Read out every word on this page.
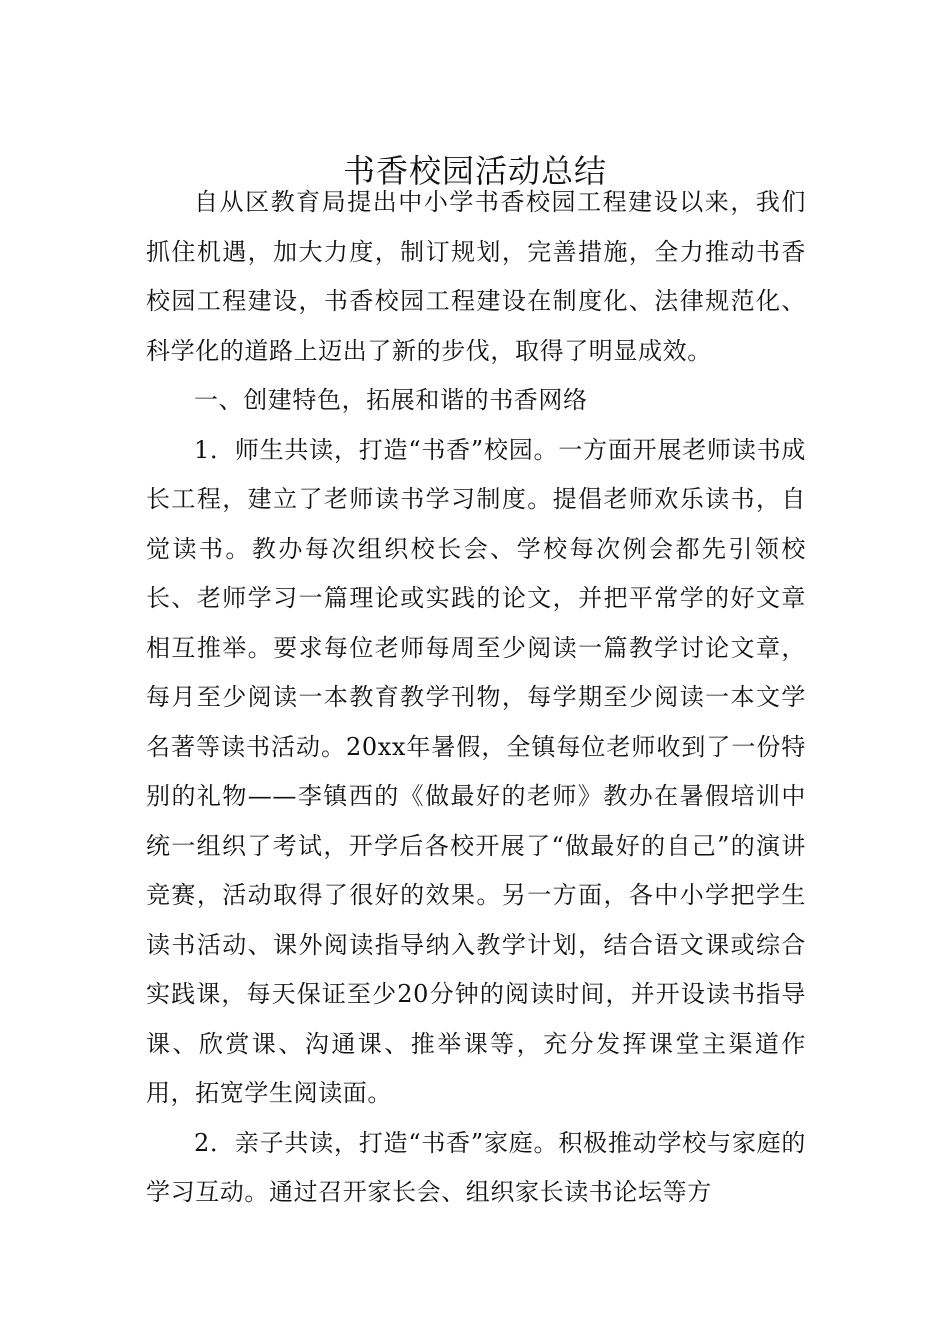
书香校园活动总结

自从区教育局提出中小学书香校园工程建设以来，我们抓住机遇，加大力度，制订规划，完善措施，全力推动书香校园工程建设，书香校园工程建设在制度化、法律规范化、科学化的道路上迈出了新的步伐，取得了明显成效。

一、创建特色，拓展和谐的书香网络

1．师生共读，打造“书香”校园。一方面开展老师读书成长工程，建立了老师读书学习制度。提倡老师欢乐读书，自觉读书。教办每次组织校长会、学校每次例会都先引领校长、老师学习一篇理论或实践的论文，并把平常学的好文章相互推举。要求每位老师每周至少阅读一篇教学讨论文章，每月至少阅读一本教育教学刊物，每学期至少阅读一本文学名著等读书活动。20xx年暑假，全镇每位老师收到了一份特别的礼物——李镇西的《做最好的老师》教办在暑假培训中统一组织了考试，开学后各校开展了“做最好的自己”的演讲竞赛，活动取得了很好的效果。另一方面，各中小学把学生读书活动、课外阅读指导纳入教学计划，结合语文课或综合实践课，每天保证至少20分钟的阅读时间，并开设读书指导课、欣赏课、沟通课、推举课等，充分发挥课堂主渠道作用，拓宽学生阅读面。

2．亲子共读，打造“书香”家庭。积极推动学校与家庭的学习互动。通过召开家长会、组织家长读书论坛等方
